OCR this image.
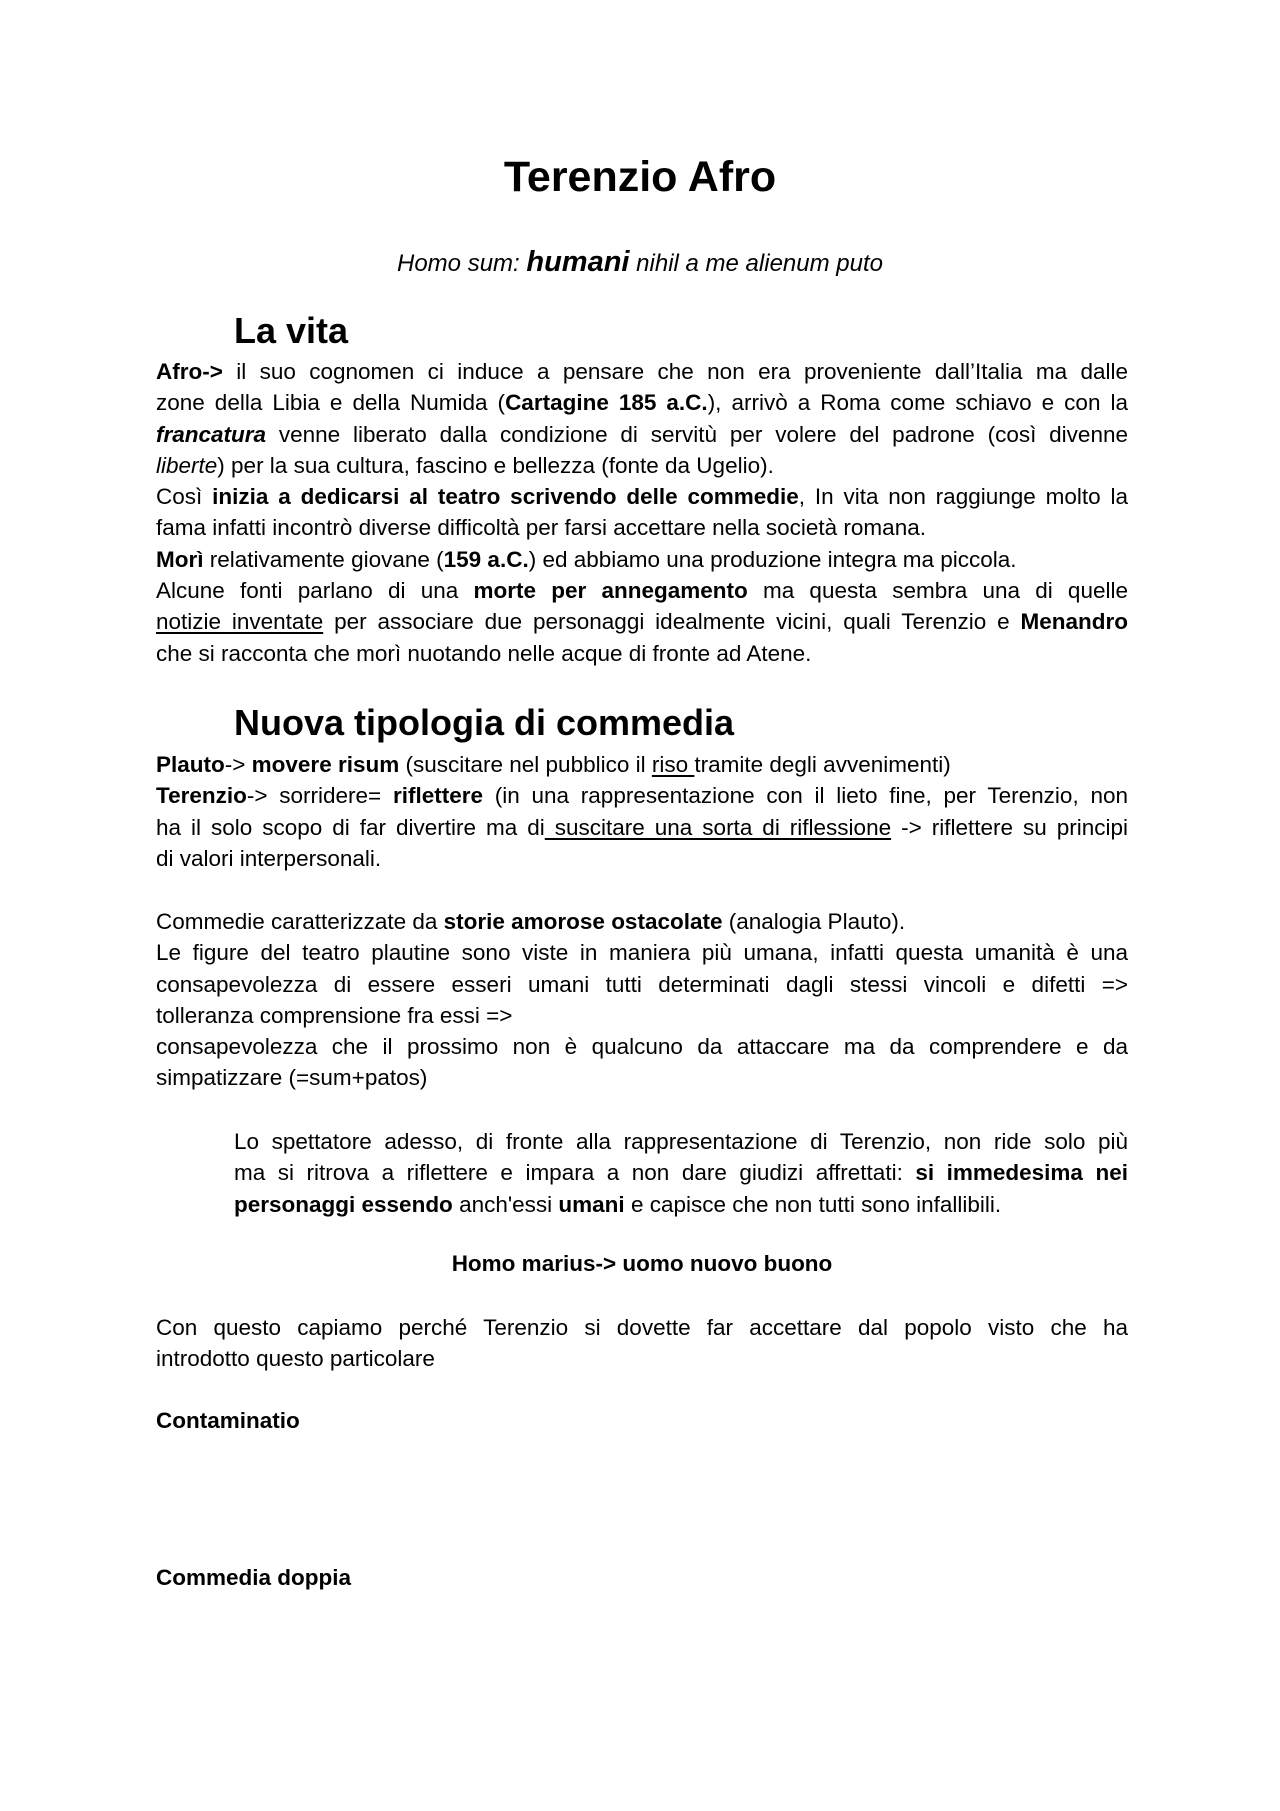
Terenzio Afro
Homo sum: humani nihil a me alienum puto
La vita
Afro-> il suo cognomen ci induce a pensare che non era proveniente dall’Italia ma dalle
zone della Libia e della Numida (Cartagine 185 a.C.), arrivò a Roma come schiavo e con la
francatura venne liberato dalla condizione di servitù per volere del padrone (così divenne
liberte) per la sua cultura, fascino e bellezza (fonte da Ugelio).
Così inizia a dedicarsi al teatro scrivendo delle commedie, In vita non raggiunge molto la
fama infatti incontrò diverse difficoltà per farsi accettare nella società romana.
Morì relativamente giovane (159 a.C.) ed abbiamo una produzione integra ma piccola.
Alcune fonti parlano di una morte per annegamento ma questa sembra una di quelle
notizie inventate per associare due personaggi idealmente vicini, quali Terenzio e Menandro
che si racconta che morì nuotando nelle acque di fronte ad Atene.
Nuova tipologia di commedia
Plauto-> movere risum (suscitare nel pubblico il riso tramite degli avvenimenti)
Terenzio-> sorridere= riflettere (in una rappresentazione con il lieto fine, per Terenzio, non
ha il solo scopo di far divertire ma di suscitare una sorta di riflessione -> riflettere su principi
di valori interpersonali.
Commedie caratterizzate da storie amorose ostacolate (analogia Plauto).
Le figure del teatro plautine sono viste in maniera più umana, infatti questa umanità è una
consapevolezza di essere esseri umani tutti determinati dagli stessi vincoli e difetti =>
tolleranza comprensione fra essi =>
consapevolezza che il prossimo non è qualcuno da attaccare ma da comprendere e da
simpatizzare (=sum+patos)
Lo spettatore adesso, di fronte alla rappresentazione di Terenzio, non ride solo più
ma si ritrova a riflettere e impara a non dare giudizi affrettati: si immedesima nei
personaggi essendo anch'essi umani e capisce che non tutti sono infallibili.
Homo marius-> uomo nuovo buono
Con questo capiamo perché Terenzio si dovette far accettare dal popolo visto che ha
introdotto questo particolare
Contaminatio
Commedia doppia
